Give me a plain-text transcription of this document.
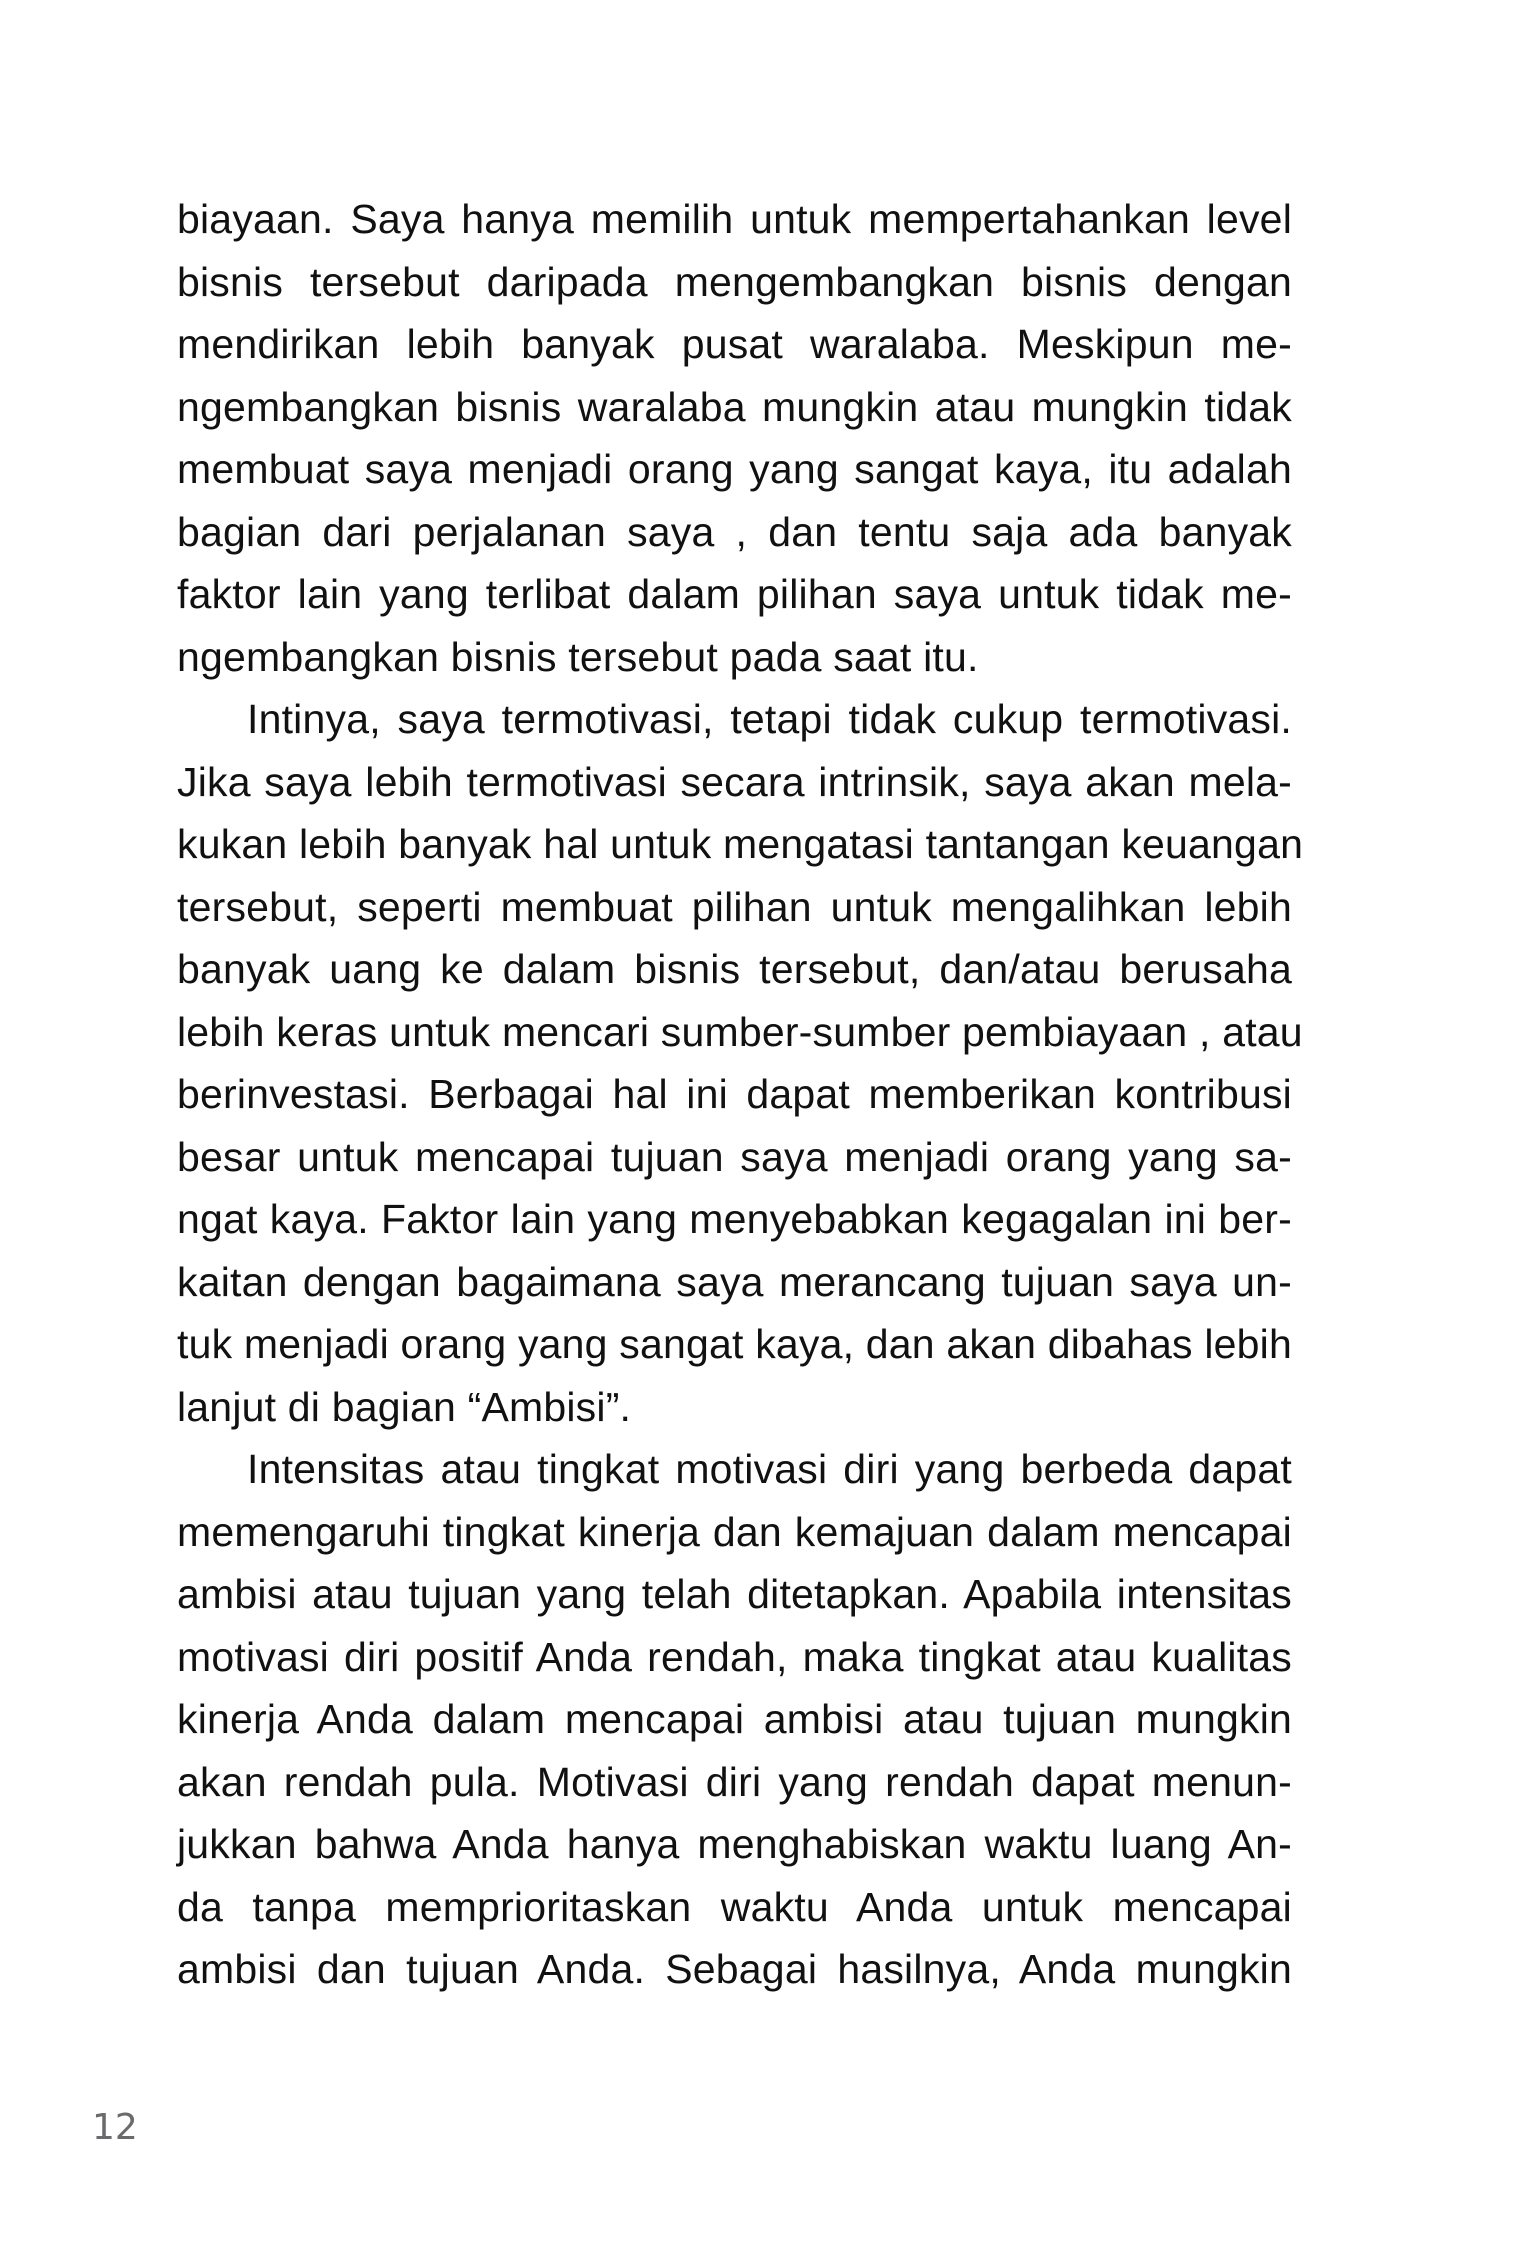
biayaan. Saya hanya memilih untuk mempertahankan level
bisnis tersebut daripada mengembangkan bisnis dengan
mendirikan lebih banyak pusat waralaba. Meskipun me-
ngembangkan bisnis waralaba mungkin atau mungkin tidak
membuat saya menjadi orang yang sangat kaya, itu adalah
bagian dari perjalanan saya , dan tentu saja ada banyak
faktor lain yang terlibat dalam pilihan saya untuk tidak me-
ngembangkan bisnis tersebut pada saat itu.
Intinya, saya termotivasi, tetapi tidak cukup termotivasi.
Jika saya lebih termotivasi secara intrinsik, saya akan mela-
kukan lebih banyak hal untuk mengatasi tantangan keuangan
tersebut, seperti membuat pilihan untuk mengalihkan lebih
banyak uang ke dalam bisnis tersebut, dan/atau berusaha
lebih keras untuk mencari sumber-sumber pembiayaan , atau
berinvestasi. Berbagai hal ini dapat memberikan kontribusi
besar untuk mencapai tujuan saya menjadi orang yang sa-
ngat kaya. Faktor lain yang menyebabkan kegagalan ini ber-
kaitan dengan bagaimana saya merancang tujuan saya un-
tuk menjadi orang yang sangat kaya, dan akan dibahas lebih
lanjut di bagian “Ambisi”.
Intensitas atau tingkat motivasi diri yang berbeda dapat
memengaruhi tingkat kinerja dan kemajuan dalam mencapai
ambisi atau tujuan yang telah ditetapkan. Apabila intensitas
motivasi diri positif Anda rendah, maka tingkat atau kualitas
kinerja Anda dalam mencapai ambisi atau tujuan mungkin
akan rendah pula. Motivasi diri yang rendah dapat menun-
jukkan bahwa Anda hanya menghabiskan waktu luang An-
da tanpa memprioritaskan waktu Anda untuk mencapai
ambisi dan tujuan Anda. Sebagai hasilnya, Anda mungkin
12
